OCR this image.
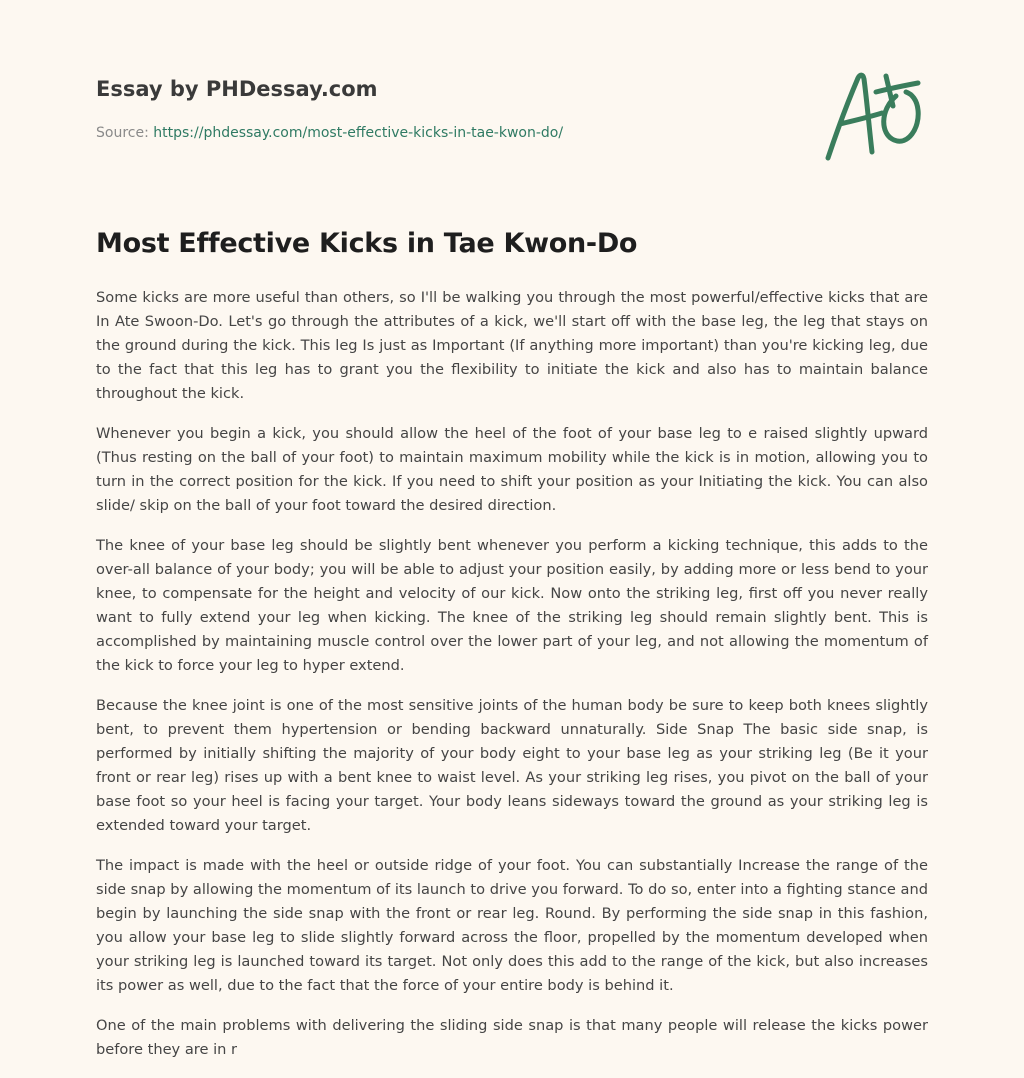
Essay by PHDessay.com
Source: https://phdessay.com/most-effective-kicks-in-tae-kwon-do/
Most Effective Kicks in Tae Kwon-Do

Some kicks are more useful than others, so I'll be walking you through the most powerful/effective kicks that are In Ate Swoon-Do. Let's go through the attributes of a kick, we'll start off with the base leg, the leg that stays on the ground during the kick. This leg Is just as Important (If anything more important) than you're kicking leg, due to the fact that this leg has to grant you the flexibility to initiate the kick and also has to maintain balance throughout the kick.

Whenever you begin a kick, you should allow the heel of the foot of your base leg to e raised slightly upward (Thus resting on the ball of your foot) to maintain maximum mobility while the kick is in motion, allowing you to turn in the correct position for the kick. If you need to shift your position as your Initiating the kick. You can also slide/ skip on the ball of your foot toward the desired direction.

The knee of your base leg should be slightly bent whenever you perform a kicking technique, this adds to the over-all balance of your body; you will be able to adjust your position easily, by adding more or less bend to your knee, to compensate for the height and velocity of our kick. Now onto the striking leg, first off you never really want to fully extend your leg when kicking. The knee of the striking leg should remain slightly bent. This is accomplished by maintaining muscle control over the lower part of your leg, and not allowing the momentum of the kick to force your leg to hyper extend.

Because the knee joint is one of the most sensitive joints of the human body be sure to keep both knees slightly bent, to prevent them hypertension or bending backward unnaturally. Side Snap The basic side snap, is performed by initially shifting the majority of your body eight to your base leg as your striking leg (Be it your front or rear leg) rises up with a bent knee to waist level. As your striking leg rises, you pivot on the ball of your base foot so your heel is facing your target. Your body leans sideways toward the ground as your striking leg is extended toward your target.

The impact is made with the heel or outside ridge of your foot. You can substantially Increase the range of the side snap by allowing the momentum of its launch to drive you forward. To do so, enter into a fighting stance and begin by launching the side snap with the front or rear leg. Round. By performing the side snap in this fashion, you allow your base leg to slide slightly forward across the floor, propelled by the momentum developed when your striking leg is launched toward its target. Not only does this add to the range of the kick, but also increases its power as well, due to the fact that the force of your entire body is behind it.

One of the main problems with delivering the sliding side snap is that many people will release the kicks power before they are in r
